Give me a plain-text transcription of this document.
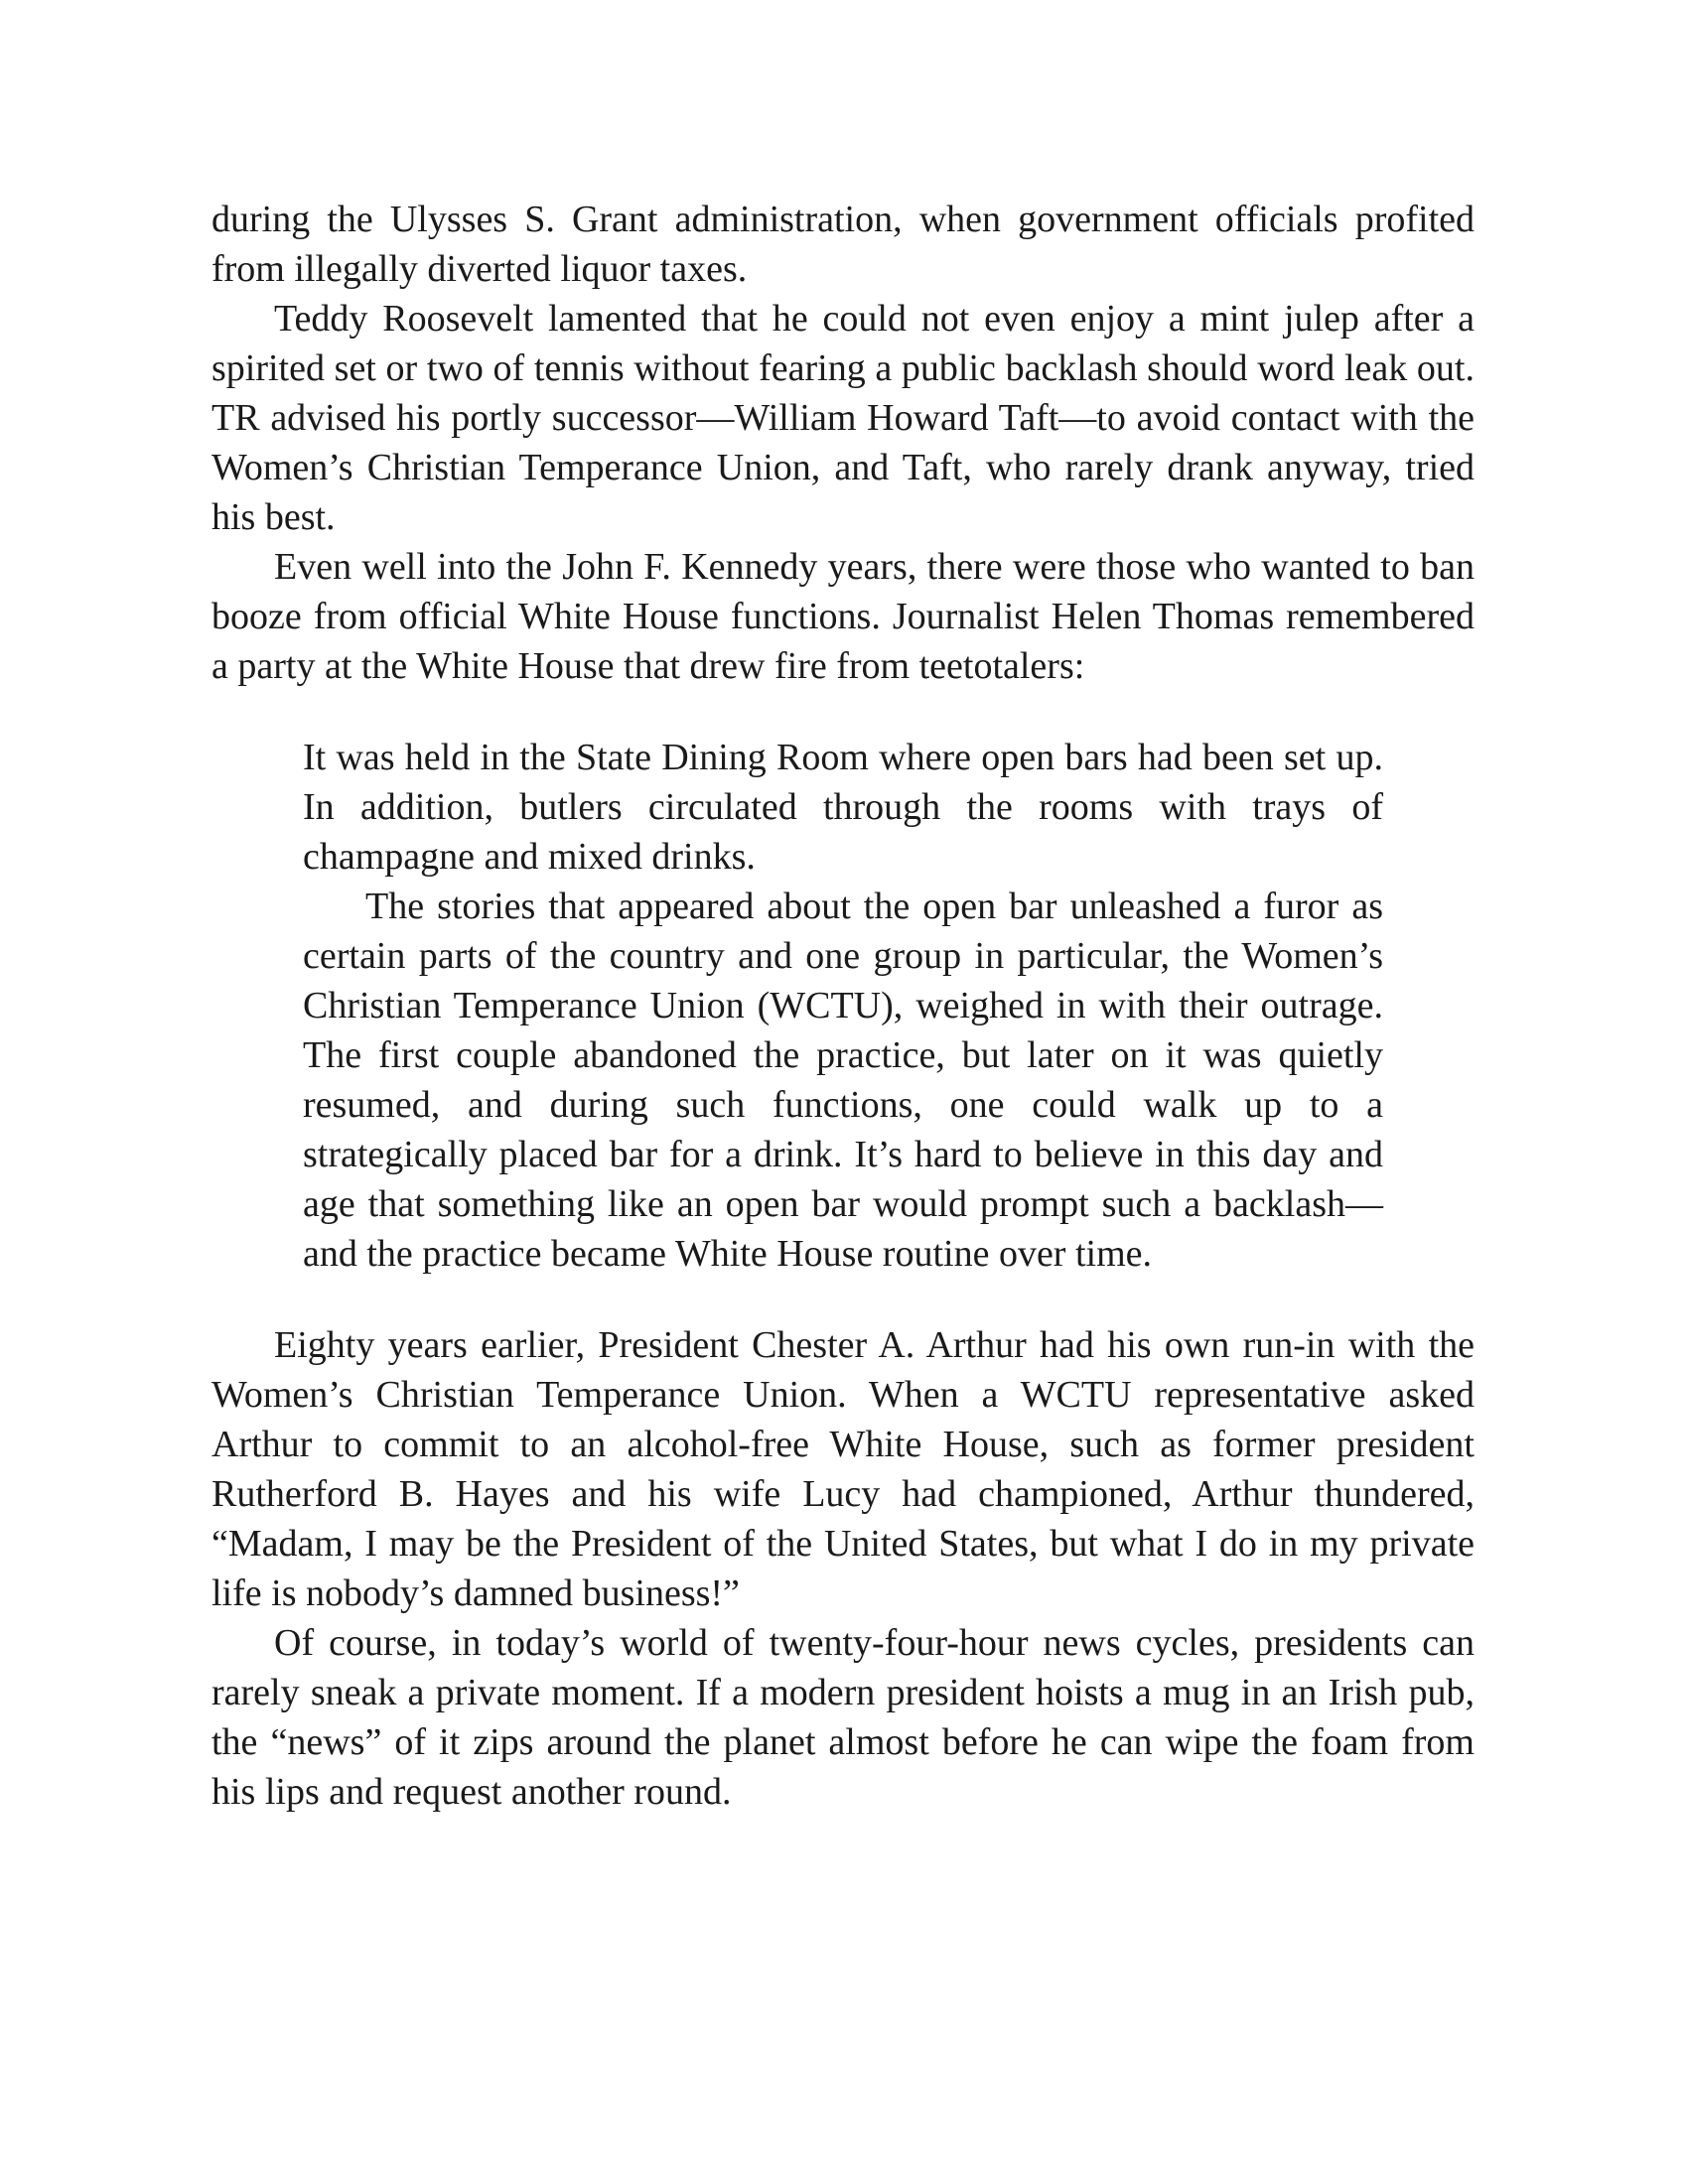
during the Ulysses S. Grant administration, when government officials profited from illegally diverted liquor taxes.

Teddy Roosevelt lamented that he could not even enjoy a mint julep after a spirited set or two of tennis without fearing a public backlash should word leak out. TR advised his portly successor—William Howard Taft—to avoid contact with the Women’s Christian Temperance Union, and Taft, who rarely drank anyway, tried his best.

Even well into the John F. Kennedy years, there were those who wanted to ban booze from official White House functions. Journalist Helen Thomas remembered a party at the White House that drew fire from teetotalers:

It was held in the State Dining Room where open bars had been set up. In addition, butlers circulated through the rooms with trays of champagne and mixed drinks.

The stories that appeared about the open bar unleashed a furor as certain parts of the country and one group in particular, the Women’s Christian Temperance Union (WCTU), weighed in with their outrage. The first couple abandoned the practice, but later on it was quietly resumed, and during such functions, one could walk up to a strategically placed bar for a drink. It’s hard to believe in this day and age that something like an open bar would prompt such a backlash—and the practice became White House routine over time.

Eighty years earlier, President Chester A. Arthur had his own run-in with the Women’s Christian Temperance Union. When a WCTU representative asked Arthur to commit to an alcohol-free White House, such as former president Rutherford B. Hayes and his wife Lucy had championed, Arthur thundered, “Madam, I may be the President of the United States, but what I do in my private life is nobody’s damned business!”

Of course, in today’s world of twenty-four-hour news cycles, presidents can rarely sneak a private moment. If a modern president hoists a mug in an Irish pub, the “news” of it zips around the planet almost before he can wipe the foam from his lips and request another round.
